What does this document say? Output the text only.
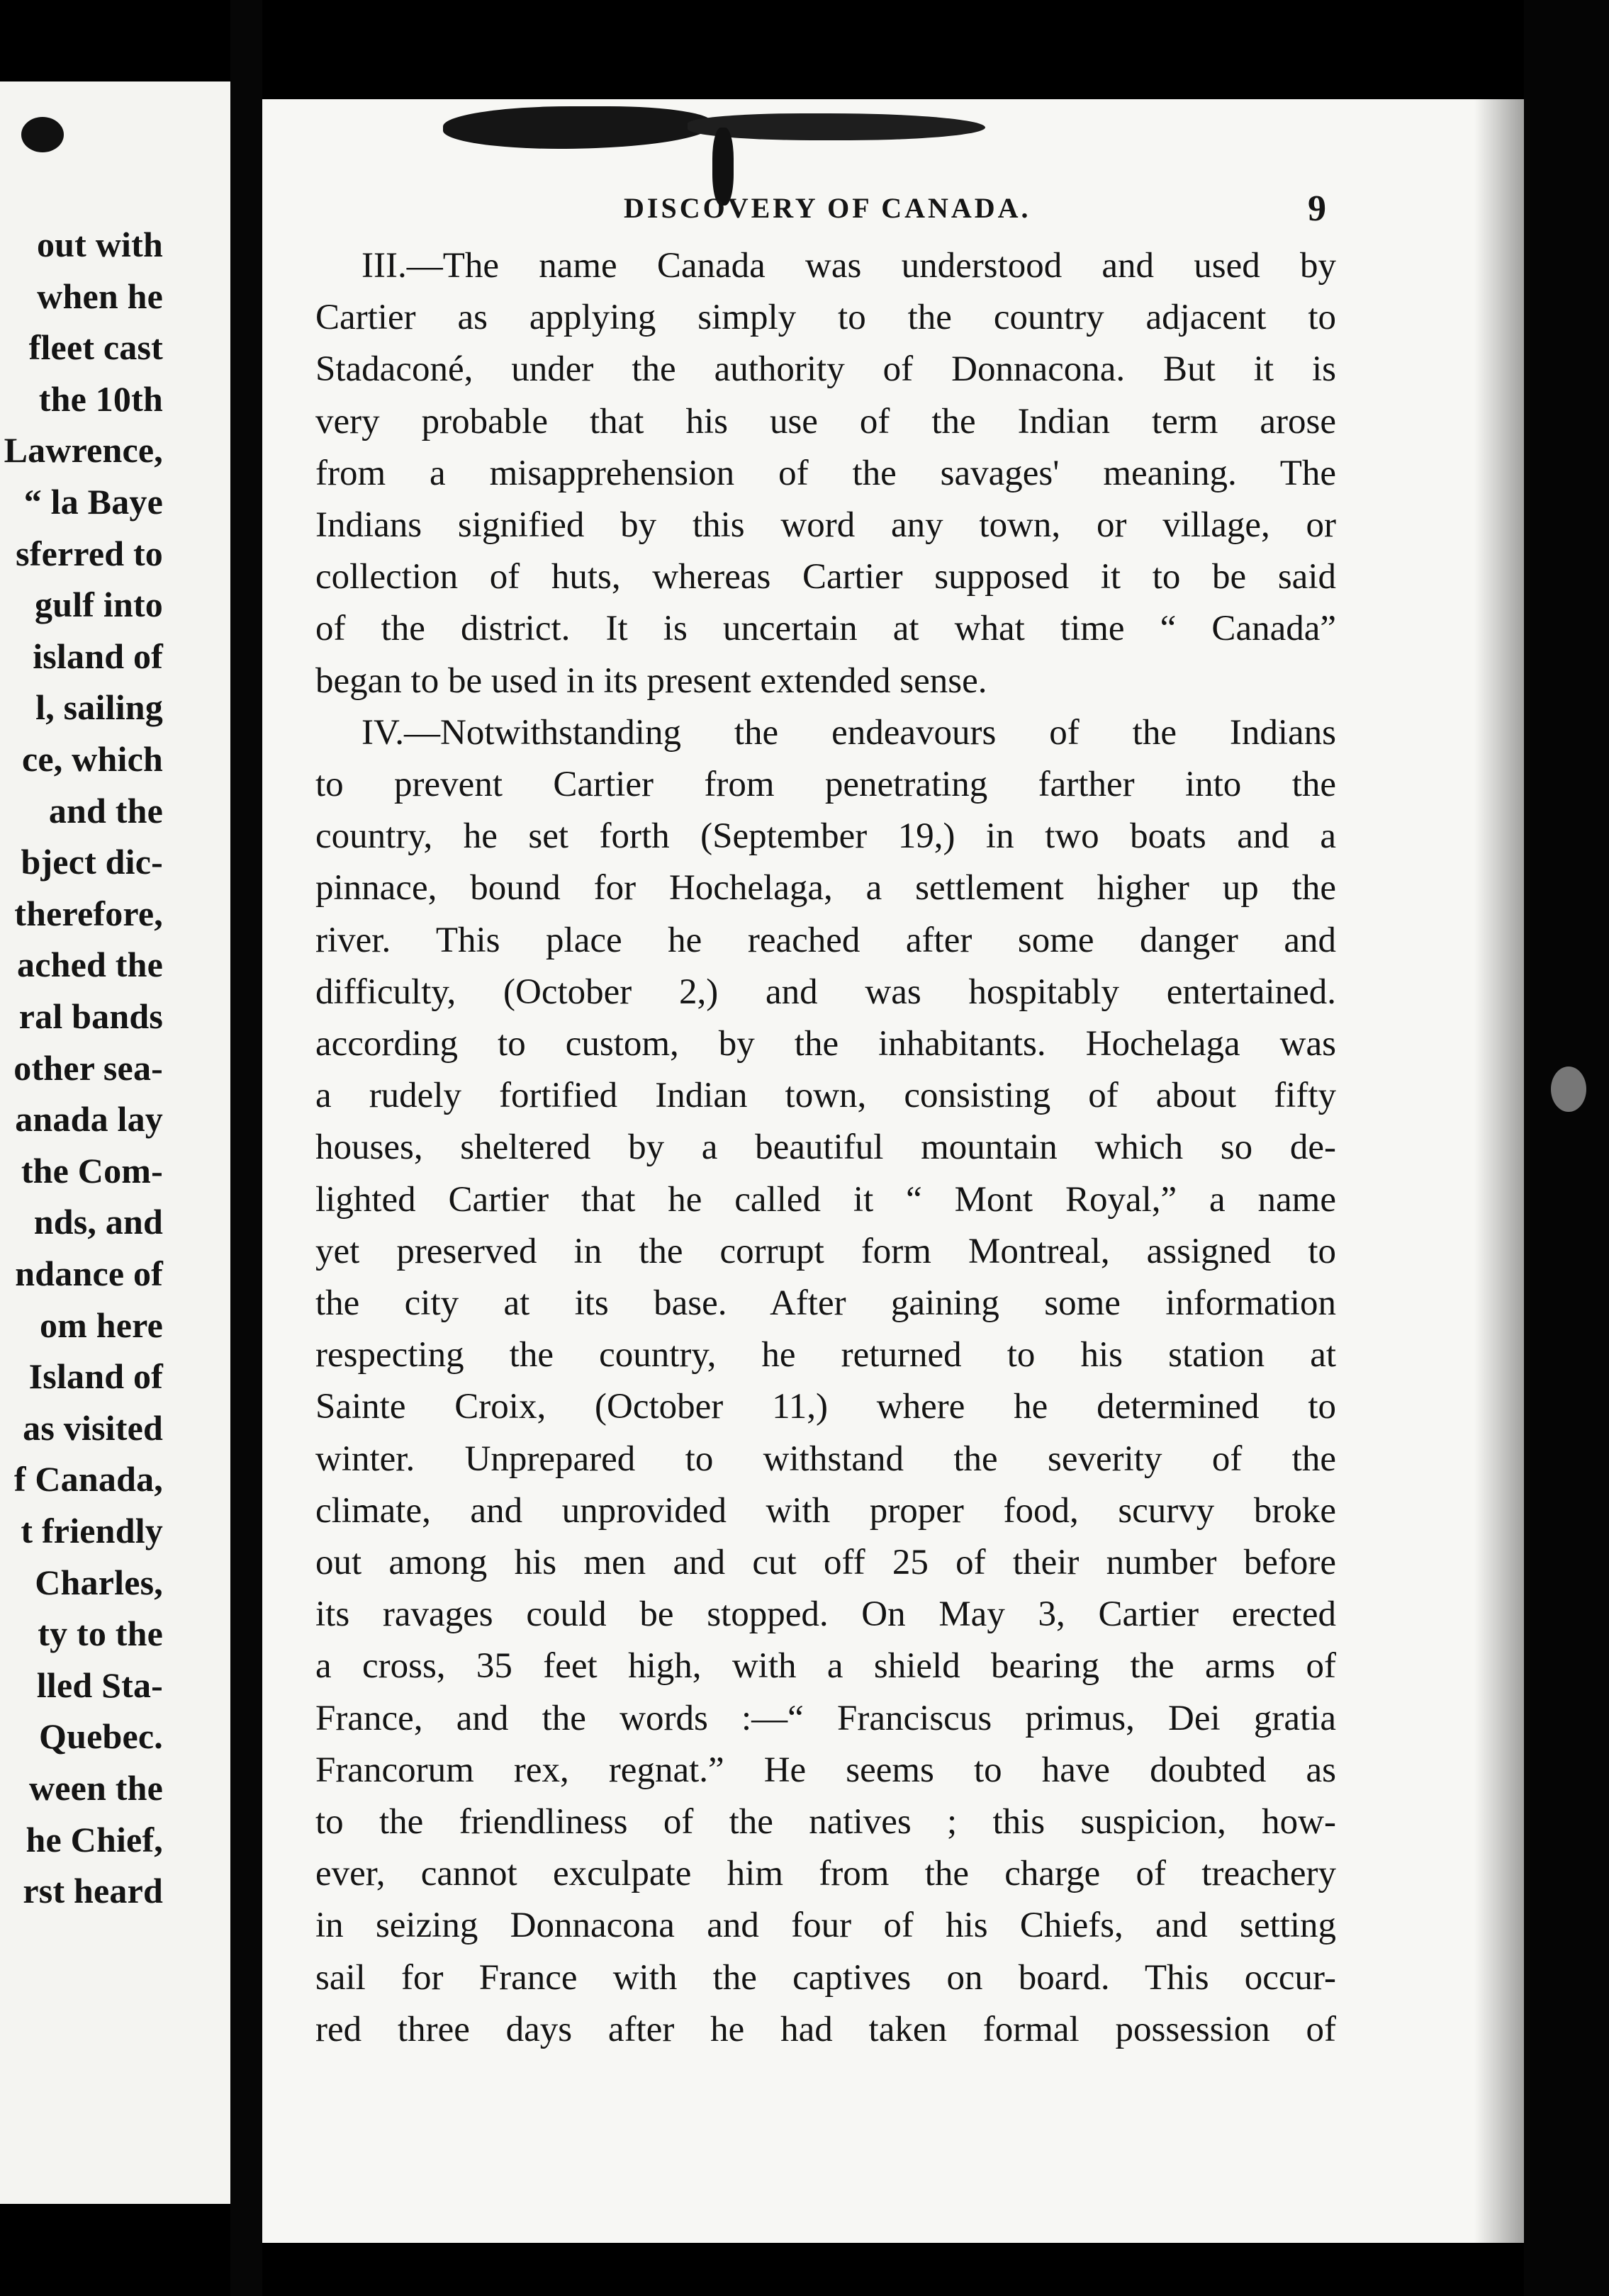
out with
when he
fleet cast
the 10th
Lawrence,
“ la Baye
sferred to
gulf into
island of
l, sailing
ce, which
and the
bject dic-
therefore,
ached the
ral bands
other sea-
anada lay
the Com-
nds, and
ndance of
om here
Island of
as visited
f Canada,
t friendly
Charles,
ty to the
lled Sta-
Quebec.
ween the
he Chief,
rst heard
DISCOVERY OF CANADA.	9
III.—The name Canada was understood and used by
Cartier as applying simply to the country adjacent to
Stadaconé, under the authority of Donnacona. But it is
very probable that his use of the Indian term arose
from a misapprehension of the savages' meaning. The
Indians signified by this word any town, or village, or
collection of huts, whereas Cartier supposed it to be said
of the district. It is uncertain at what time “ Canada”
began to be used in its present extended sense.
IV.—Notwithstanding the endeavours of the Indians
to prevent Cartier from penetrating farther into the
country, he set forth (September 19,) in two boats and a
pinnace, bound for Hochelaga, a settlement higher up the
river. This place he reached after some danger and
difficulty, (October 2,) and was hospitably entertained.
according to custom, by the inhabitants. Hochelaga was
a rudely fortified Indian town, consisting of about fifty
houses, sheltered by a beautiful mountain which so de-
lighted Cartier that he called it “ Mont Royal,” a name
yet preserved in the corrupt form Montreal, assigned to
the city at its base. After gaining some information
respecting the country, he returned to his station at
Sainte Croix, (October 11,) where he determined to
winter. Unprepared to withstand the severity of the
climate, and unprovided with proper food, scurvy broke
out among his men and cut off 25 of their number before
its ravages could be stopped. On May 3, Cartier erected
a cross, 35 feet high, with a shield bearing the arms of
France, and the words :—“ Franciscus primus, Dei gratia
Francorum rex, regnat.” He seems to have doubted as
to the friendliness of the natives ; this suspicion, how-
ever, cannot exculpate him from the charge of treachery
in seizing Donnacona and four of his Chiefs, and setting
sail for France with the captives on board. This occur-
red three days after he had taken formal possession of
